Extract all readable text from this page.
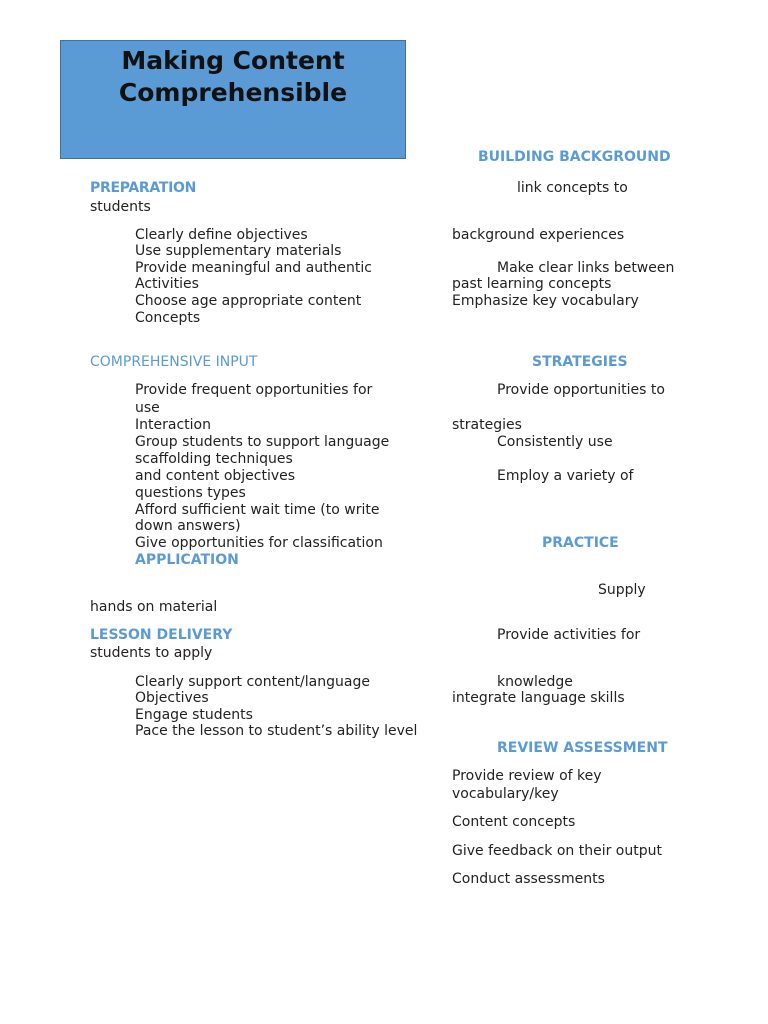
Making Content
Comprehensible
PREPARATION
students
Clearly define objectives
Use supplementary materials
Provide meaningful and authentic
Activities
Choose age appropriate content
Concepts
COMPREHENSIVE INPUT
Provide frequent opportunities for
use
Interaction
Group students to support language
scaffolding techniques
and content objectives
questions types
Afford sufficient wait time (to write
down answers)
Give opportunities for classification
APPLICATION
hands on material
LESSON DELIVERY
students to apply
Clearly support content/language
Objectives
Engage students
Pace the lesson to student’s ability level
BUILDING BACKGROUND
link concepts to
background experiences
Make clear links between
past learning concepts
Emphasize key vocabulary
STRATEGIES
Provide opportunities to
strategies
Consistently use
Employ a variety of
PRACTICE
Supply
Provide activities for
knowledge
integrate language skills
REVIEW ASSESSMENT
Provide review of key
vocabulary/key
Content concepts
Give feedback on their output
Conduct assessments
